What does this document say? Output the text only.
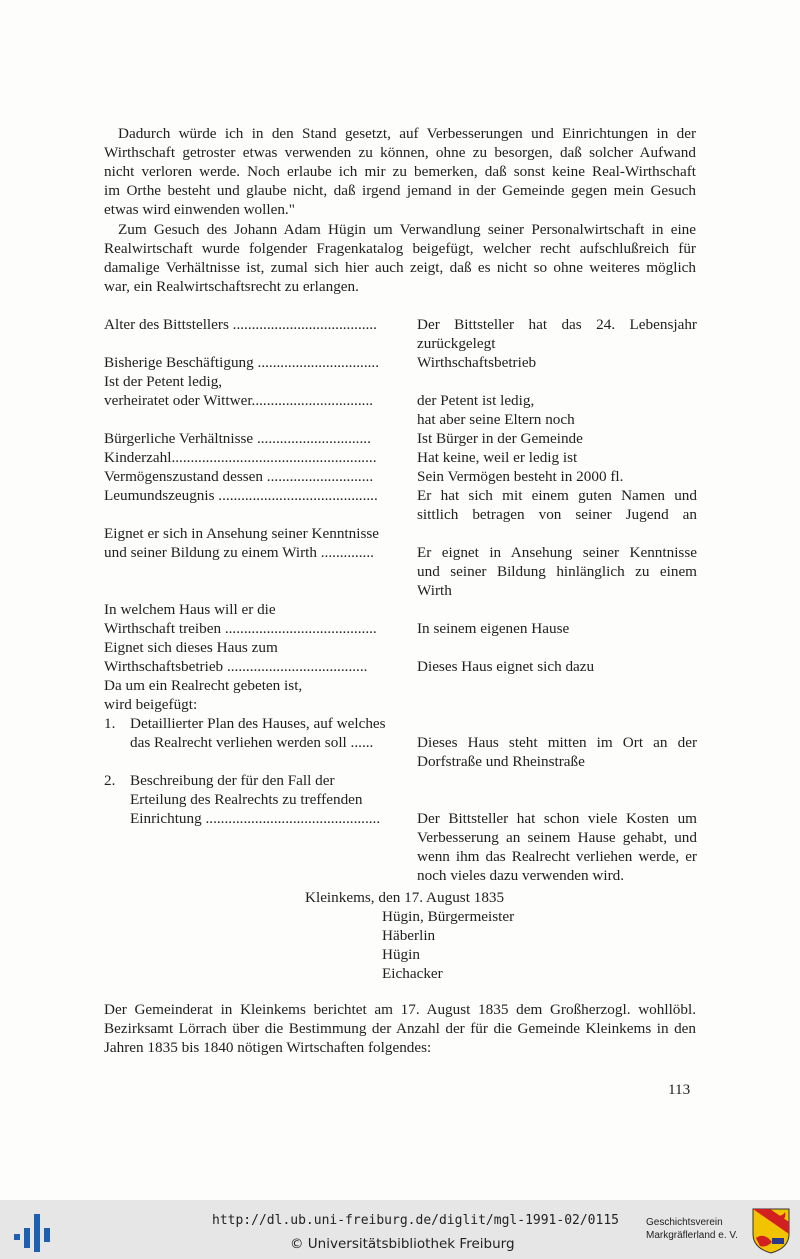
Dadurch würde ich in den Stand gesetzt, auf Verbesserungen und Einrichtungen in der
Wirthschaft getroster etwas verwenden zu können, ohne zu besorgen, daß solcher Aufwand
nicht verloren werde. Noch erlaube ich mir zu bemerken, daß sonst keine Real-Wirthschaft
im Orthe besteht und glaube nicht, daß irgend jemand in der Gemeinde gegen mein Gesuch
etwas wird einwenden wollen."
Zum Gesuch des Johann Adam Hügin um Verwandlung seiner Personalwirtschaft in eine
Realwirtschaft wurde folgender Fragenkatalog beigefügt, welcher recht aufschlußreich für
damalige Verhältnisse ist, zumal sich hier auch zeigt, daß es nicht so ohne weiteres möglich
war, ein Realwirtschaftsrecht zu erlangen.
Alter des Bittstellers ......................................	Der Bittsteller hat das 24. Lebensjahr
zurückgelegt
Bisherige Beschäftigung ................................	Wirthschaftsbetrieb
Ist der Petent ledig,
verheiratet oder Wittwer................................	der Petent ist ledig,
hat aber seine Eltern noch
Bürgerliche Verhältnisse ..............................	Ist Bürger in der Gemeinde
Kinderzahl......................................................	Hat keine, weil er ledig ist
Vermögenszustand dessen ............................	Sein Vermögen besteht in 2000 fl.
Leumundszeugnis ..........................................	Er hat sich mit einem guten Namen und
sittlich betragen von seiner Jugend an
Eignet er sich in Ansehung seiner Kenntnisse
und seiner Bildung zu einem Wirth ..............	Er eignet in Ansehung seiner Kenntnisse
und seiner Bildung hinlänglich zu einem
Wirth
In welchem Haus will er die
Wirthschaft treiben ........................................	In seinem eigenen Hause
Eignet sich dieses Haus zum
Wirthschaftsbetrieb .....................................	Dieses Haus eignet sich dazu
Da um ein Realrecht gebeten ist,
wird beigefügt:
1. Detaillierter Plan des Hauses, auf welches
das Realrecht verliehen werden soll ......	Dieses Haus steht mitten im Ort an der
Dorfstraße und Rheinstraße
2. Beschreibung der für den Fall der
Erteilung des Realrechts zu treffenden
Einrichtung ..............................................	Der Bittsteller hat schon viele Kosten um
Verbesserung an seinem Hause gehabt, und
wenn ihm das Realrecht verliehen werde, er
noch vieles dazu verwenden wird.
Kleinkems, den 17. August 1835
Hügin, Bürgermeister
Häberlin
Hügin
Eichacker
Der Gemeinderat in Kleinkems berichtet am 17. August 1835 dem Großherzogl. wohllöbl.
Bezirksamt Lörrach über die Bestimmung der Anzahl der für die Gemeinde Kleinkems in den
Jahren 1835 bis 1840 nötigen Wirtschaften folgendes:
113
http://dl.ub.uni-freiburg.de/diglit/mgl-1991-02/0115
© Universitätsbibliothek Freiburg
Geschichtsverein
Markgräflerland e. V.
